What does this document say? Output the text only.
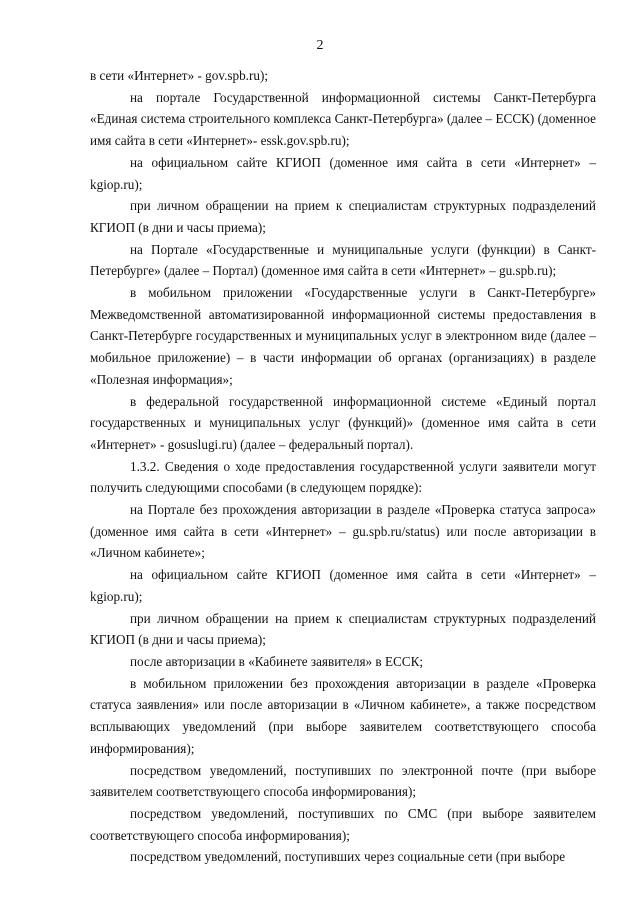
2

в сети «Интернет» - gov.spb.ru);

на портале Государственной информационной системы Санкт-Петербурга «Единая система строительного комплекса Санкт-Петербурга» (далее – ЕССК) (доменное имя сайта в сети «Интернет»- essk.gov.spb.ru);

на официальном сайте КГИОП (доменное имя сайта в сети «Интернет» – kgiop.ru);

при личном обращении на прием к специалистам структурных подразделений КГИОП (в дни и часы приема);

на Портале «Государственные и муниципальные услуги (функции) в Санкт-Петербурге» (далее – Портал) (доменное имя сайта в сети «Интернет» – gu.spb.ru);

в мобильном приложении «Государственные услуги в Санкт-Петербурге» Межведомственной автоматизированной информационной системы предоставления в Санкт-Петербурге государственных и муниципальных услуг в электронном виде (далее – мобильное приложение) – в части информации об органах (организациях) в разделе «Полезная информация»;

в федеральной государственной информационной системе «Единый портал государственных и муниципальных услуг (функций)» (доменное имя сайта в сети «Интернет» - gosuslugi.ru) (далее – федеральный портал).

1.3.2. Сведения о ходе предоставления государственной услуги заявители могут получить следующими способами (в следующем порядке):

на Портале без прохождения авторизации в разделе «Проверка статуса запроса» (доменное имя сайта в сети «Интернет» – gu.spb.ru/status) или после авторизации в «Личном кабинете»;

на официальном сайте КГИОП (доменное имя сайта в сети «Интернет» – kgiop.ru);

при личном обращении на прием к специалистам структурных подразделений КГИОП (в дни и часы приема);

после авторизации в «Кабинете заявителя» в ЕССК;

в мобильном приложении без прохождения авторизации в разделе «Проверка статуса заявления» или после авторизации в «Личном кабинете», а также посредством всплывающих уведомлений (при выборе заявителем соответствующего способа информирования);

посредством уведомлений, поступивших по электронной почте (при выборе заявителем соответствующего способа информирования);

посредством уведомлений, поступивших по СМС (при выборе заявителем соответствующего способа информирования);

посредством уведомлений, поступивших через социальные сети (при выборе
